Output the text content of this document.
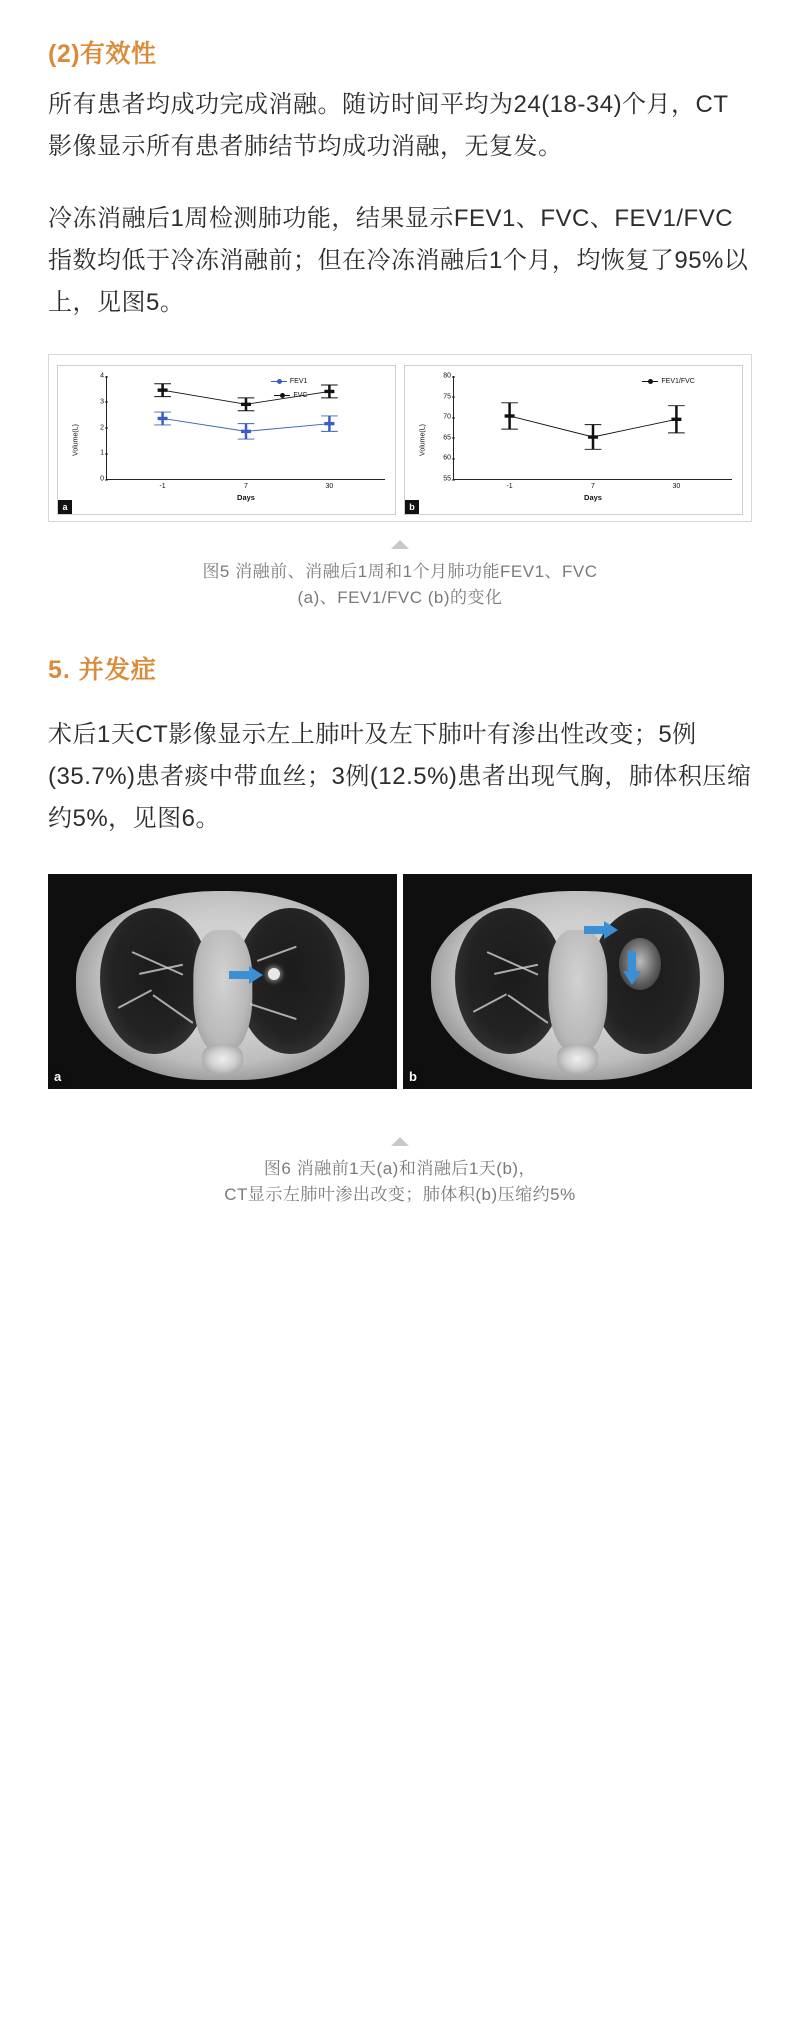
(2)有效性

所有患者均成功完成消融。随访时间平均为24(18-34)个月，CT影像显示所有患者肺结节均成功消融，无复发。

冷冻消融后1周检测肺功能，结果显示FEV1、FVC、FEV1/FVC指数均低于冷冻消融前；但在冷冻消融后1个月，均恢复了95%以上，见图5。

Volume(L)
FEV1
FVC
0
1
2
3
4
-1	7	30
Days
a
Volume(L)
FEV1/FVC
55
60
65
70
75
80
-1	7	30
Days
b

图5 消融前、消融后1周和1个月肺功能FEV1、FVC

(a)、FEV1/FVC (b)的变化

5. 并发症

术后1天CT影像显示左上肺叶及左下肺叶有渗出性改变；5例(35.7%)患者痰中带血丝；3例(12.5%)患者出现气胸，肺体积压缩约5%，见图6。

a	b

图6 消融前1天(a)和消融后1天(b)，

CT显示左肺叶渗出改变；肺体积(b)压缩约5%
